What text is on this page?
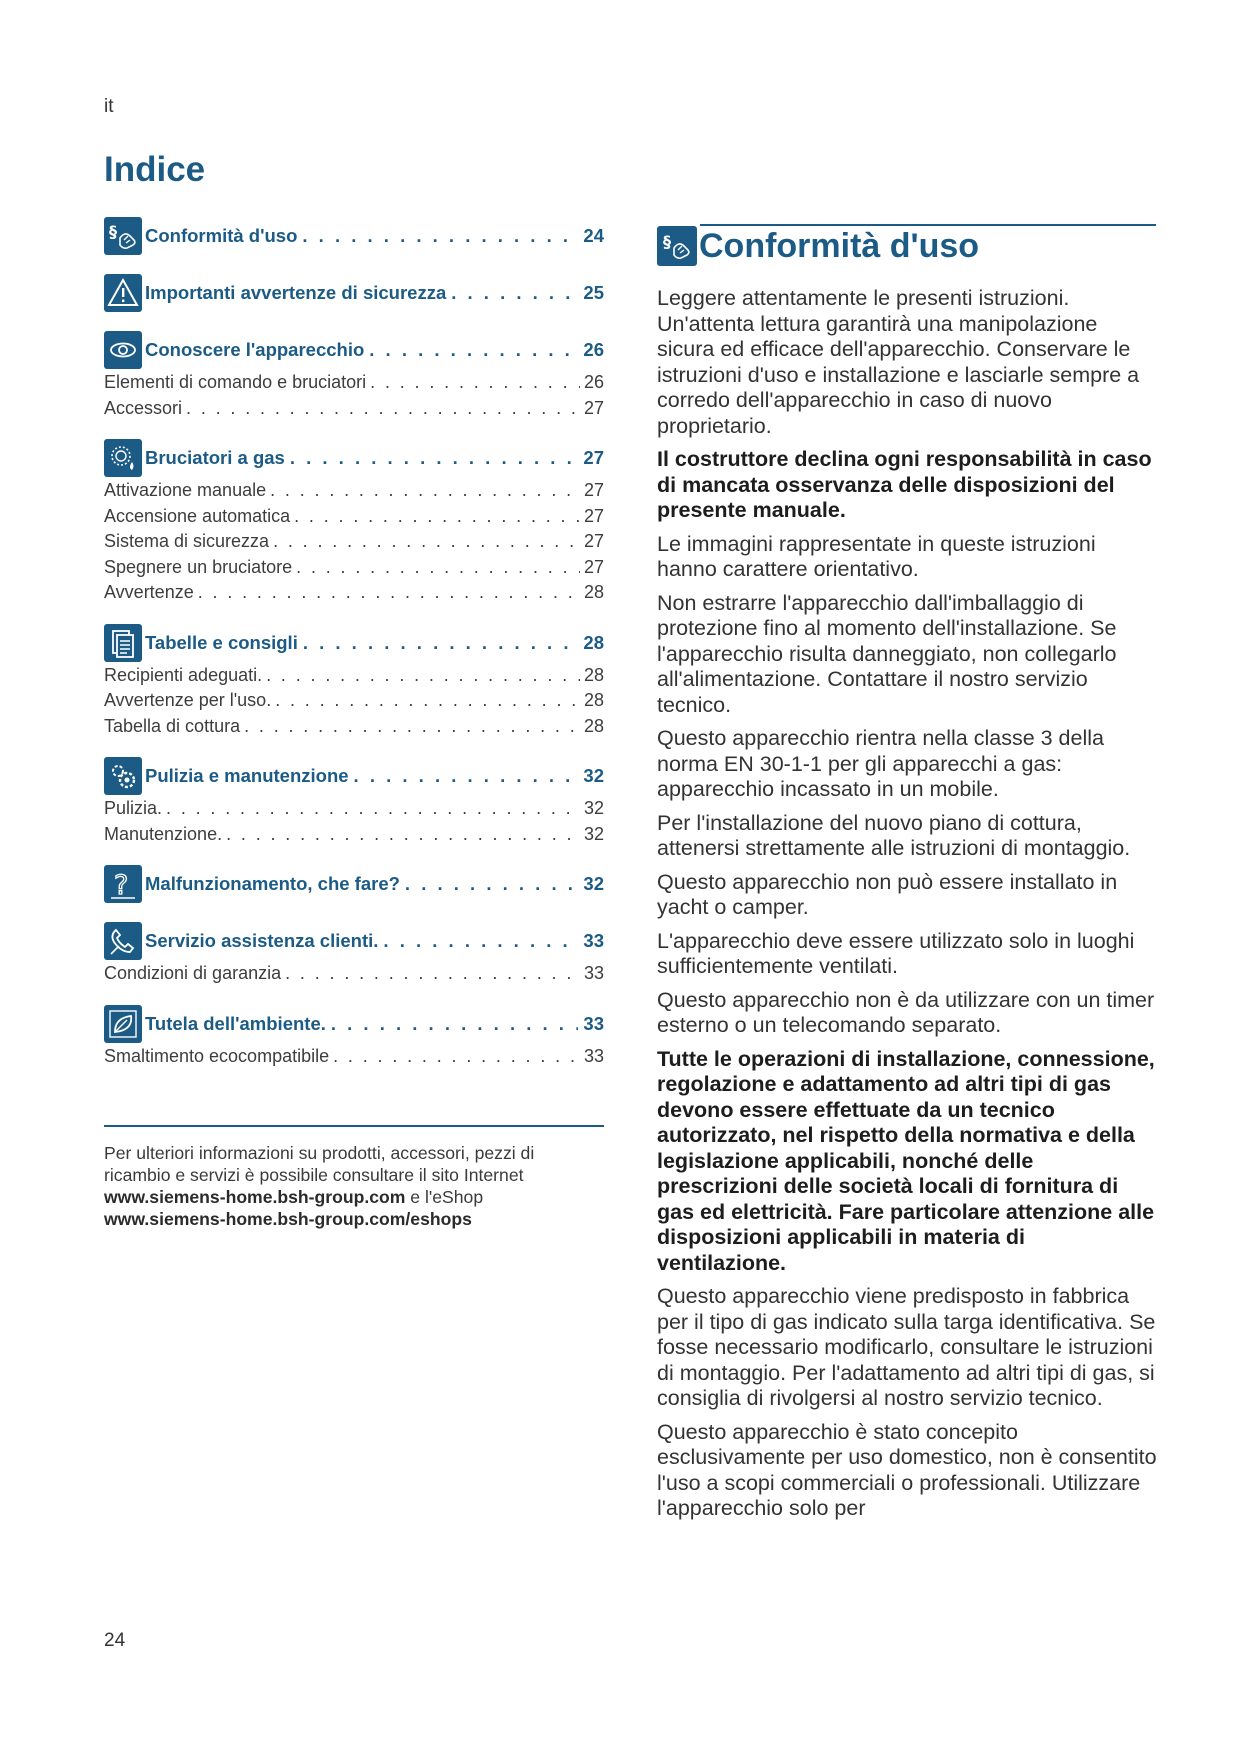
it
Indice
§ Conformità d'uso . . .	24
Importanti avvertenze di sicurezza . . .	25
Conoscere l'apparecchio . . .	26
Elementi di comando e bruciatori . . .	26
Accessori . . .	27
Bruciatori a gas . . .	27
Attivazione manuale . . .	27
Accensione automatica . . .	27
Sistema di sicurezza . . .	27
Spegnere un bruciatore . . .	27
Avvertenze . . .	28
Tabelle e consigli . . .	28
Recipienti adeguati. . . .	28
Avvertenze per l'uso. . . .	28
Tabella di cottura . . .	28
Pulizia e manutenzione . . .	32
Pulizia. . . .	32
Manutenzione. . . .	32
? Malfunzionamento, che fare? . . .	32
Servizio assistenza clienti. . . .	33
Condizioni di garanzia . . .	33
Tutela dell'ambiente. . . .	33
Smaltimento ecocompatibile . . .	33
Per ulteriori informazioni su prodotti, accessori, pezzi di
ricambio e servizi è possibile consultare il sito Internet
www.siemens-home.bsh-group.com e l'eShop
www.siemens-home.bsh-group.com/eshops
§ Conformità d'uso

Leggere attentamente le presenti istruzioni. Un'attenta lettura garantirà una manipolazione sicura ed efficace dell'apparecchio. Conservare le istruzioni d'uso e installazione e lasciarle sempre a corredo dell'apparecchio in caso di nuovo proprietario.

Il costruttore declina ogni responsabilità in caso di mancata osservanza delle disposizioni del presente manuale.

Le immagini rappresentate in queste istruzioni hanno carattere orientativo.

Non estrarre l'apparecchio dall'imballaggio di protezione fino al momento dell'installazione. Se l'apparecchio risulta danneggiato, non collegarlo all'alimentazione. Contattare il nostro servizio tecnico.

Questo apparecchio rientra nella classe 3 della norma EN 30-1-1 per gli apparecchi a gas: apparecchio incassato in un mobile.

Per l'installazione del nuovo piano di cottura, attenersi strettamente alle istruzioni di montaggio.

Questo apparecchio non può essere installato in yacht o camper.

L'apparecchio deve essere utilizzato solo in luoghi sufficientemente ventilati.

Questo apparecchio non è da utilizzare con un timer esterno o un telecomando separato.

Tutte le operazioni di installazione, connessione, regolazione e adattamento ad altri tipi di gas devono essere effettuate da un tecnico autorizzato, nel rispetto della normativa e della legislazione applicabili, nonché delle prescrizioni delle società locali di fornitura di gas ed elettricità. Fare particolare attenzione alle disposizioni applicabili in materia di ventilazione.

Questo apparecchio viene predisposto in fabbrica per il tipo di gas indicato sulla targa identificativa. Se fosse necessario modificarlo, consultare le istruzioni di montaggio. Per l'adattamento ad altri tipi di gas, si consiglia di rivolgersi al nostro servizio tecnico.

Questo apparecchio è stato concepito esclusivamente per uso domestico, non è consentito l'uso a scopi commerciali o professionali. Utilizzare l'apparecchio solo per

24
